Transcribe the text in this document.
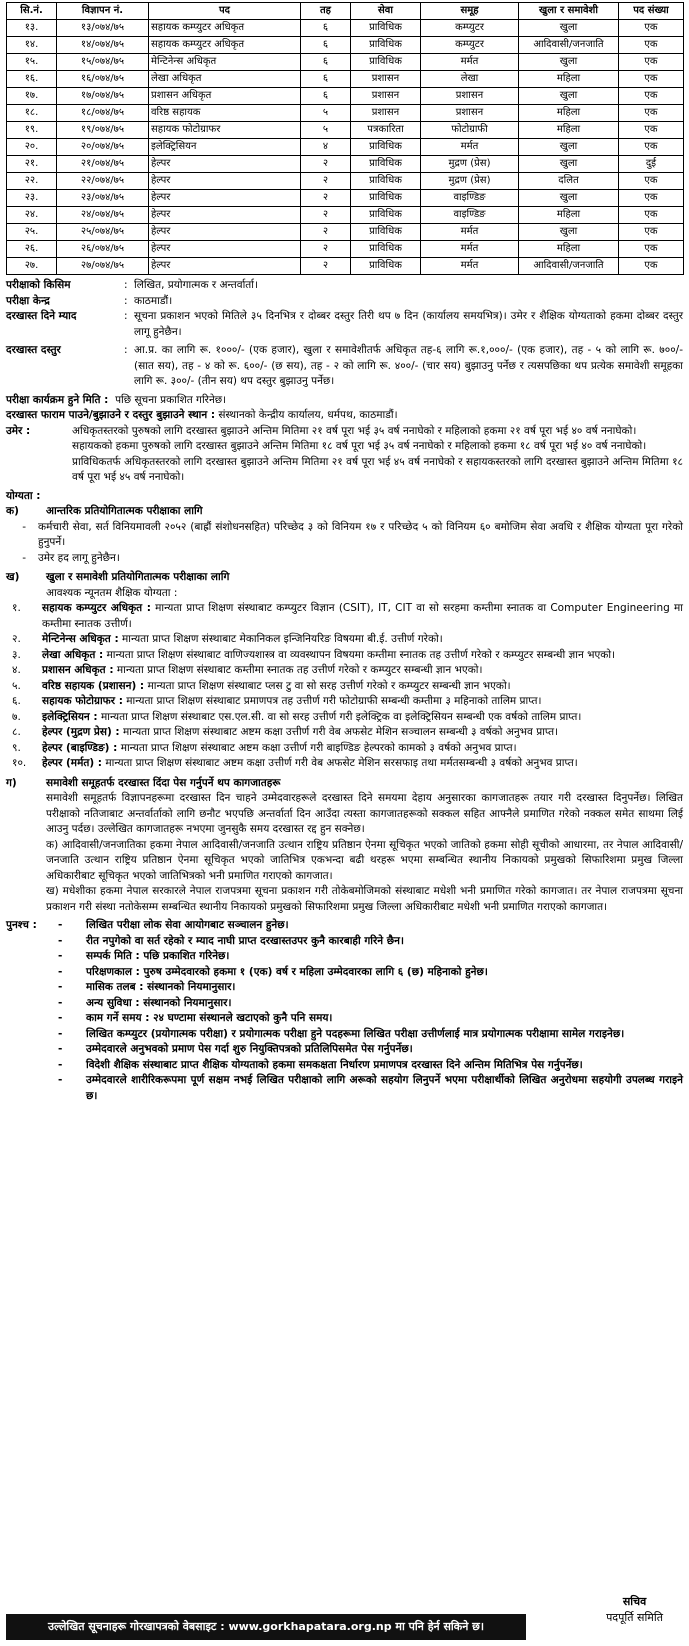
सि.नं.	विज्ञापन नं.	पद	तह	सेवा	समूह	खुला र समावेशी	पद संख्या
१३.	१३/०७४/७५	सहायक कम्प्युटर अधिकृत	६	प्राविधिक	कम्प्युटर	खुला	एक
१४.	१४/०७४/७५	सहायक कम्प्युटर अधिकृत	६	प्राविधिक	कम्प्युटर	आदिवासी/जनजाति	एक
१५.	१५/०७४/७५	मेन्टिनेन्स अधिकृत	६	प्राविधिक	मर्मत	खुला	एक
१६.	१६/०७४/७५	लेखा अधिकृत	६	प्रशासन	लेखा	महिला	एक
१७.	१७/०७४/७५	प्रशासन अधिकृत	६	प्रशासन	प्रशासन	खुला	एक
१८.	१८/०७४/७५	वरिष्ठ सहायक	५	प्रशासन	प्रशासन	महिला	एक
१९.	१९/०७४/७५	सहायक फोटोग्राफर	५	पत्रकारिता	फोटोग्राफी	महिला	एक
२०.	२०/०७४/७५	इलेक्ट्रिसियन	४	प्राविधिक	मर्मत	खुला	एक
२१.	२१/०७४/७५	हेल्पर	२	प्राविधिक	मुद्रण (प्रेस)	खुला	दुई
२२.	२२/०७४/७५	हेल्पर	२	प्राविधिक	मुद्रण (प्रेस)	दलित	एक
२३.	२३/०७४/७५	हेल्पर	२	प्राविधिक	वाइण्डिङ	खुला	एक
२४.	२४/०७४/७५	हेल्पर	२	प्राविधिक	वाइण्डिङ	महिला	एक
२५.	२५/०७४/७५	हेल्पर	२	प्राविधिक	मर्मत	खुला	एक
२६.	२६/०७४/७५	हेल्पर	२	प्राविधिक	मर्मत	महिला	एक
२७.	२७/०७४/७५	हेल्पर	२	प्राविधिक	मर्मत	आदिवासी/जनजाति	एक
परीक्षाको किसिम	: लिखित, प्रयोगात्मक र अन्तर्वार्ता।
परीक्षा केन्द्र	: काठमाडौं।
दरखास्त दिने म्याद	: सूचना प्रकाशन भएको मितिले ३५ दिनभित्र र दोब्बर दस्तुर तिरी थप ७ दिन (कार्यालय समयभित्र)। उमेर र शैक्षिक योग्यताको हकमा दोब्बर दस्तुर लागू हुनेछैन।
दरखास्त दस्तुर	: आ.प्र. का लागि रू. १०००/- (एक हजार), खुला र समावेशीतर्फ अधिकृत तह-६ लागि रू.१,०००/- (एक हजार), तह - ५ को लागि रू. ७००/- (सात सय), तह - ४ को रू. ६००/- (छ सय), तह - २ को लागि रू. ४००/- (चार सय) बुझाउनु पर्नेछ र त्यसपछिका थप प्रत्येक समावेशी समूहका लागि रू. ३००/- (तीन सय) थप दस्तुर बुझाउनु पर्नेछ।
परीक्षा कार्यक्रम हुने मिति :
पछि सूचना प्रकाशित गरिनेछ।
दरखास्त फाराम पाउने/बुझाउने र दस्तुर बुझाउने स्थान :
संस्थानको केन्द्रीय कार्यालय, धर्मपथ, काठमाडौं।
उमेर :	अधिकृतस्तरको पुरुषको लागि दरखास्त बुझाउने अन्तिम मितिमा २१ वर्ष पूरा भई ३५ वर्ष ननाघेको र महिलाको हकमा २१ वर्ष पूरा भई ४० वर्ष ननाघेको।
सहायकको हकमा पुरुषको लागि दरखास्त बुझाउने अन्तिम मितिमा १८ वर्ष पूरा भई ३५ वर्ष ननाघेको र महिलाको हकमा १८ वर्ष पूरा भई ४० वर्ष ननाघेको।
प्राविधिकतर्फ अधिकृतस्तरको लागि दरखास्त बुझाउने अन्तिम मितिमा २१ वर्ष पूरा भई ४५ वर्ष ननाघेको र सहायकस्तरको लागि दरखास्त बुझाउने अन्तिम मितिमा १८ वर्ष पूरा भई ४५ वर्ष ननाघेको।
योग्यता :
क)	आन्तरिक प्रतियोगितात्मक परीक्षाका लागि
-	कर्मचारी सेवा, सर्त विनियमावली २०५२ (बाह्रौं संशोधनसहित) परिच्छेद ३ को विनियम १७ र परिच्छेद ५ को विनियम ६० बमोजिम सेवा अवधि र शैक्षिक योग्यता पूरा गरेको हुनुपर्ने।
-	उमेर हद लागू हुनेछैन।
ख)	खुला र समावेशी प्रतियोगितात्मक परीक्षाका लागि
आवश्यक न्यूनतम शैक्षिक योग्यता :
१.	सहायक कम्प्युटर अधिकृत : मान्यता प्राप्त शिक्षण संस्थाबाट कम्प्युटर विज्ञान (CSIT), IT, CIT वा सो सरहमा कम्तीमा स्नातक वा Computer Engineering मा कम्तीमा स्नातक उत्तीर्ण।
२.	मेन्टिनेन्स अधिकृत : मान्यता प्राप्त शिक्षण संस्थाबाट मेकानिकल इन्जिनियरिङ विषयमा बी.ई. उत्तीर्ण गरेको।
३.	लेखा अधिकृत : मान्यता प्राप्त शिक्षण संस्थाबाट वाणिज्यशास्त्र वा व्यवस्थापन विषयमा कम्तीमा स्नातक तह उत्तीर्ण गरेको र कम्प्युटर सम्बन्धी ज्ञान भएको।
४.	प्रशासन अधिकृत : मान्यता प्राप्त शिक्षण संस्थाबाट कम्तीमा स्नातक तह उत्तीर्ण गरेको र कम्प्युटर सम्बन्धी ज्ञान भएको।
५.	वरिष्ठ सहायक (प्रशासन) : मान्यता प्राप्त शिक्षण संस्थाबाट प्लस टु वा सो सरह उत्तीर्ण गरेको र कम्प्युटर सम्बन्धी ज्ञान भएको।
६.	सहायक फोटोग्राफर : मान्यता प्राप्त शिक्षण संस्थाबाट प्रमाणपत्र तह उत्तीर्ण गरी फोटोग्राफी सम्बन्धी कम्तीमा ३ महिनाको तालिम प्राप्त।
७.	इलेक्ट्रिसियन : मान्यता प्राप्त शिक्षण संस्थाबाट एस.एल.सी. वा सो सरह उत्तीर्ण गरी इलेक्ट्रिक वा इलेक्ट्रिसियन सम्बन्धी एक वर्षको तालिम प्राप्त।
८.	हेल्पर (मुद्रण प्रेस) : मान्यता प्राप्त शिक्षण संस्थाबाट अष्टम कक्षा उत्तीर्ण गरी वेब अफसेट मेशिन सञ्चालन सम्बन्धी ३ वर्षको अनुभव प्राप्त।
९.	हेल्पर (बाइण्डिङ) : मान्यता प्राप्त शिक्षण संस्थाबाट अष्टम कक्षा उत्तीर्ण गरी बाइण्डिङ हेल्परको कामको ३ वर्षको अनुभव प्राप्त।
१०.	हेल्पर (मर्मत) : मान्यता प्राप्त शिक्षण संस्थाबाट अष्टम कक्षा उत्तीर्ण गरी वेब अफसेट मेशिन सरसफाइ तथा मर्मतसम्बन्धी ३ वर्षको अनुभव प्राप्त।
ग)	समावेशी समूहतर्फ दरखास्त दिंदा पेस गर्नुपर्ने थप कागजातहरू
समावेशी समूहतर्फ विज्ञापनहरूमा दरखास्त दिन चाहने उम्मेदवारहरूले दरखास्त दिने समयमा देहाय अनुसारका कागजातहरू तयार गरी दरखास्त दिनुपर्नेछ। लिखित परीक्षाको नतिजाबाट अन्तर्वार्ताको लागि छनौट भएपछि अन्तर्वार्ता दिन आउँदा त्यस्ता कागजातहरूको सक्कल सहित आफ्नैले प्रमाणित गरेको नक्कल समेत साथमा लिई आउनु पर्दछ। उल्लेखित कागजातहरू नभएमा जुनसुकै समय दरखास्त रद्द हुन सक्नेछ।
क) आदिवासी/जनजातिका हकमा नेपाल आदिवासी/जनजाति उत्थान राष्ट्रिय प्रतिष्ठान ऐनमा सूचिकृत भएको जातिको हकमा सोही सूचीको आधारमा, तर नेपाल आदिवासी/जनजाति उत्थान राष्ट्रिय प्रतिष्ठान ऐनमा सूचिकृत भएको जातिभित्र एकभन्दा बढी थरहरू भएमा सम्बन्धित स्थानीय निकायको प्रमुखको सिफारिशमा प्रमुख जिल्ला अधिकारीबाट सूचिकृत भएको जातिभित्रको भनी प्रमाणित गराएको कागजात।
ख) मधेशीका हकमा नेपाल सरकारले नेपाल राजपत्रमा सूचना प्रकाशन गरी तोकेबमोजिमको संस्थाबाट मधेशी भनी प्रमाणित गरेको कागजात। तर नेपाल राजपत्रमा सूचना प्रकाशन गरी संस्था नतोकेसम्म सम्बन्धित स्थानीय निकायको प्रमुखको सिफारिशमा प्रमुख जिल्ला अधिकारीबाट मधेशी भनी प्रमाणित गराएको कागजात।
पुनश्च :	-	लिखित परीक्षा लोक सेवा आयोगबाट सञ्चालन हुनेछ।
-	रीत नपुगेको वा सर्त रहेको र म्याद नाघी प्राप्त दरखास्तउपर कुनै कारबाही गरिने छैन।
-	सम्पर्क मिति : पछि प्रकाशित गरिनेछ।
-	परिक्षणकाल : पुरुष उम्मेदवारको हकमा १ (एक) वर्ष र महिला उम्मेदवारका लागि ६ (छ) महिनाको हुनेछ।
-	मासिक तलब : संस्थानको नियमानुसार।
-	अन्य सुविधा : संस्थानको नियमानुसार।
-	काम गर्ने समय : २४ घण्टामा संस्थानले खटाएको कुनै पनि समय।
-	लिखित कम्प्युटर (प्रयोगात्मक परीक्षा) र प्रयोगात्मक परीक्षा हुने पदहरूमा लिखित परीक्षा उत्तीर्णलाई मात्र प्रयोगात्मक परीक्षामा सामेल गराइनेछ।
-	उम्मेदवारले अनुभवको प्रमाण पेस गर्दा शुरु नियुक्तिपत्रको प्रतिलिपिसमेत पेस गर्नुपर्नेछ।
-	विदेशी शैक्षिक संस्थाबाट प्राप्त शैक्षिक योग्यताको हकमा समकक्षता निर्धारण प्रमाणपत्र दरखास्त दिने अन्तिम मितिभित्र पेस गर्नुपर्नेछ।
-	उम्मेदवारले शारीरिकरूपमा पूर्ण सक्षम नभई लिखित परीक्षाको लागि अरूको सहयोग लिनुपर्ने भएमा परीक्षार्थीको लिखित अनुरोधमा सहयोगी उपलब्ध गराइने छ।
उल्लेखित सूचनाहरू गोरखापत्रको वेबसाइट : www.gorkhapatara.org.np मा पनि हेर्न सकिने छ।
सचिव
पदपूर्ति समिति
